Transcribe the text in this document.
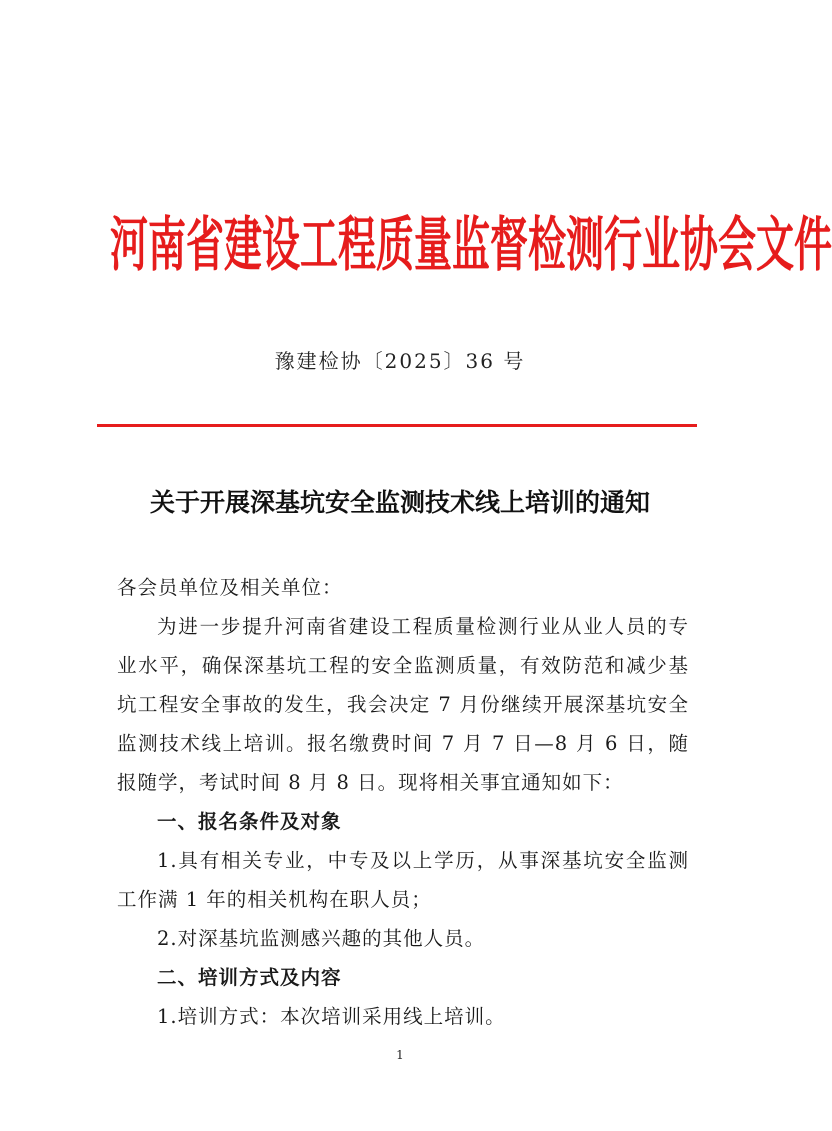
河南省建设工程质量监督检测行业协会文件
豫建检协〔2025〕36 号
关于开展深基坑安全监测技术线上培训的通知

各会员单位及相关单位：

为进一步提升河南省建设工程质量检测行业从业人员的专业水平，确保深基坑工程的安全监测质量，有效防范和减少基坑工程安全事故的发生，我会决定 7 月份继续开展深基坑安全监测技术线上培训。报名缴费时间 7 月 7 日—8 月 6 日，随报随学，考试时间 8 月 8 日。现将相关事宜通知如下：

一、报名条件及对象

1.具有相关专业，中专及以上学历，从事深基坑安全监测工作满 1 年的相关机构在职人员；

2.对深基坑监测感兴趣的其他人员。

二、培训方式及内容

1.培训方式：本次培训采用线上培训。

1
